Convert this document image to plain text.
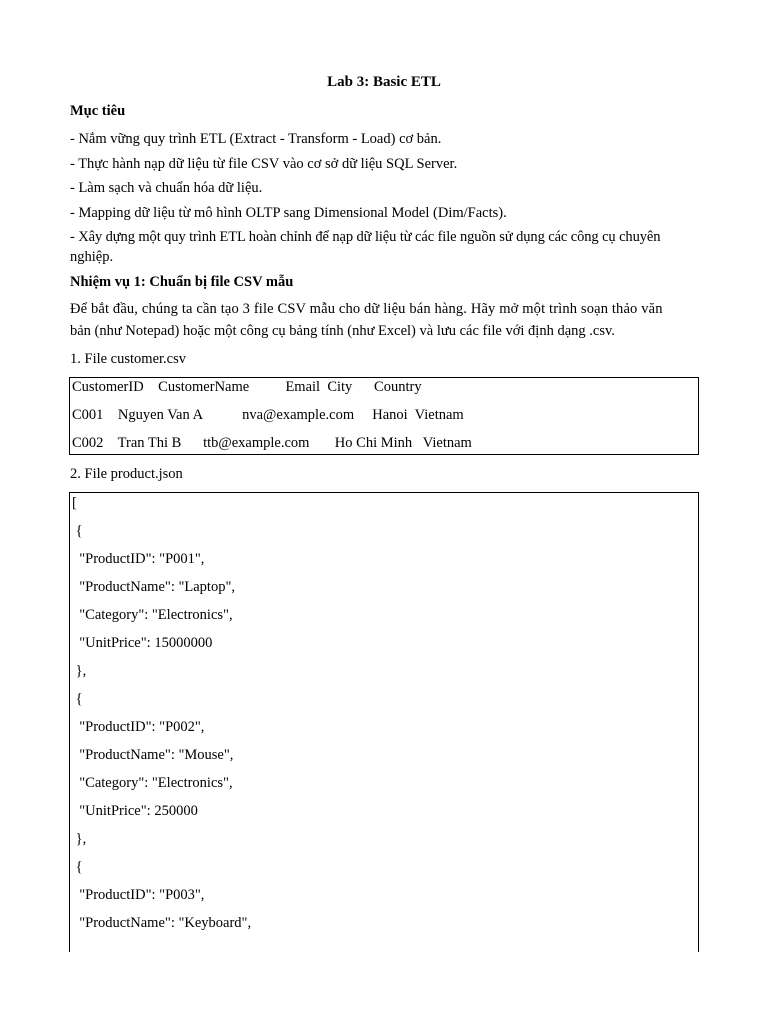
Lab 3: Basic ETL
Mục tiêu
- Nắm vững quy trình ETL (Extract - Transform - Load) cơ bản.
- Thực hành nạp dữ liệu từ file CSV vào cơ sở dữ liệu SQL Server.
- Làm sạch và chuẩn hóa dữ liệu.
- Mapping dữ liệu từ mô hình OLTP sang Dimensional Model (Dim/Facts).
- Xây dựng một quy trình ETL hoàn chỉnh để nạp dữ liệu từ các file nguồn sử dụng các công cụ chuyên
nghiệp.
Nhiệm vụ 1: Chuẩn bị file CSV mẫu
Để bắt đầu, chúng ta cần tạo 3 file CSV mẫu cho dữ liệu bán hàng. Hãy mở một trình soạn thảo văn
bản (như Notepad) hoặc một công cụ bảng tính (như Excel) và lưu các file với định dạng .csv.
1. File customer.csv
CustomerID    CustomerName          Email  City      Country
C001    Nguyen Van A           nva@example.com     Hanoi  Vietnam
C002    Tran Thi B      ttb@example.com       Ho Chi Minh   Vietnam
2. File product.json
[
{
"ProductID": "P001",
"ProductName": "Laptop",
"Category": "Electronics",
"UnitPrice": 15000000
},
{
"ProductID": "P002",
"ProductName": "Mouse",
"Category": "Electronics",
"UnitPrice": 250000
},
{
"ProductID": "P003",
"ProductName": "Keyboard",
